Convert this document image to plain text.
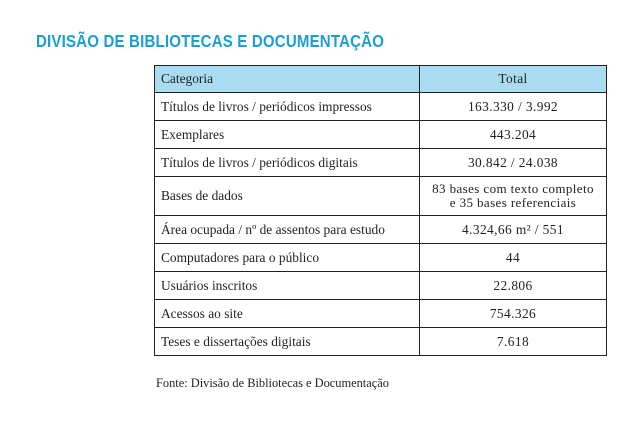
DIVISÃO DE BIBLIOTECAS E DOCUMENTAÇÃO
Categoria	Total
Títulos de livros / periódicos impressos	163.330 / 3.992
Exemplares	443.204
Títulos de livros / periódicos digitais	30.842 / 24.038
Bases de dados	83 bases com texto completo
e 35 bases referenciais

Área ocupada / nº de assentos para estudo	4.324,66 m² / 551
Computadores para o público	44
Usuários inscritos	22.806
Acessos ao site	754.326
Teses e dissertações digitais	7.618
Fonte: Divisão de Bibliotecas e Documentação
